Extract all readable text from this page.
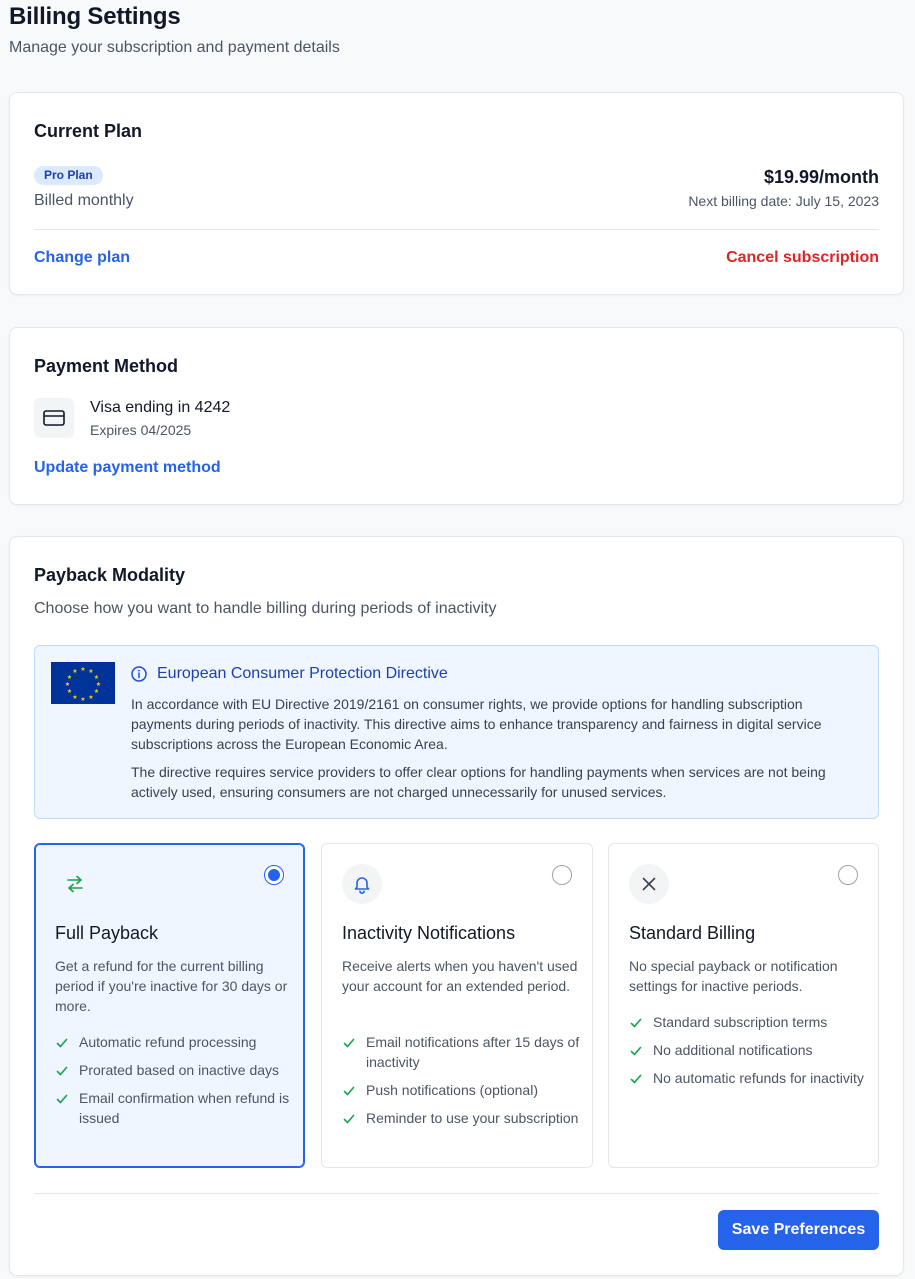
Billing Settings

Manage your subscription and payment details

Current Plan
Pro Plan
Billed monthly
$19.99/month
Next billing date: July 15, 2023
Change plan	Cancel subscription
Payment Method
Visa ending in 4242
Expires 04/2025
Update payment method
Payback Modality

Choose how you want to handle billing during periods of inactivity

★ ★
★
★
★
★
★
★
★
★
★
★	European Consumer Protection Directive

In accordance with EU Directive 2019/2161 on consumer rights, we provide options for handling subscription payments during periods of inactivity. This directive aims to enhance transparency and fairness in digital service subscriptions across the European Economic Area.

The directive requires service providers to offer clear options for handling payments when services are not being actively used, ensuring consumers are not charged unnecessarily for unused services.

Full Payback

Get a refund for the current billing period if you're inactive for 30 days or more.

Automatic refund processing
Prorated based on inactive days
Email confirmation when refund is issued
Inactivity Notifications

Receive alerts when you haven't used your account for an extended period.

Email notifications after 15 days of inactivity
Push notifications (optional)
Reminder to use your subscription
Standard Billing

No special payback or notification settings for inactive periods.

Standard subscription terms
No additional notifications
No automatic refunds for inactivity
Save Preferences
